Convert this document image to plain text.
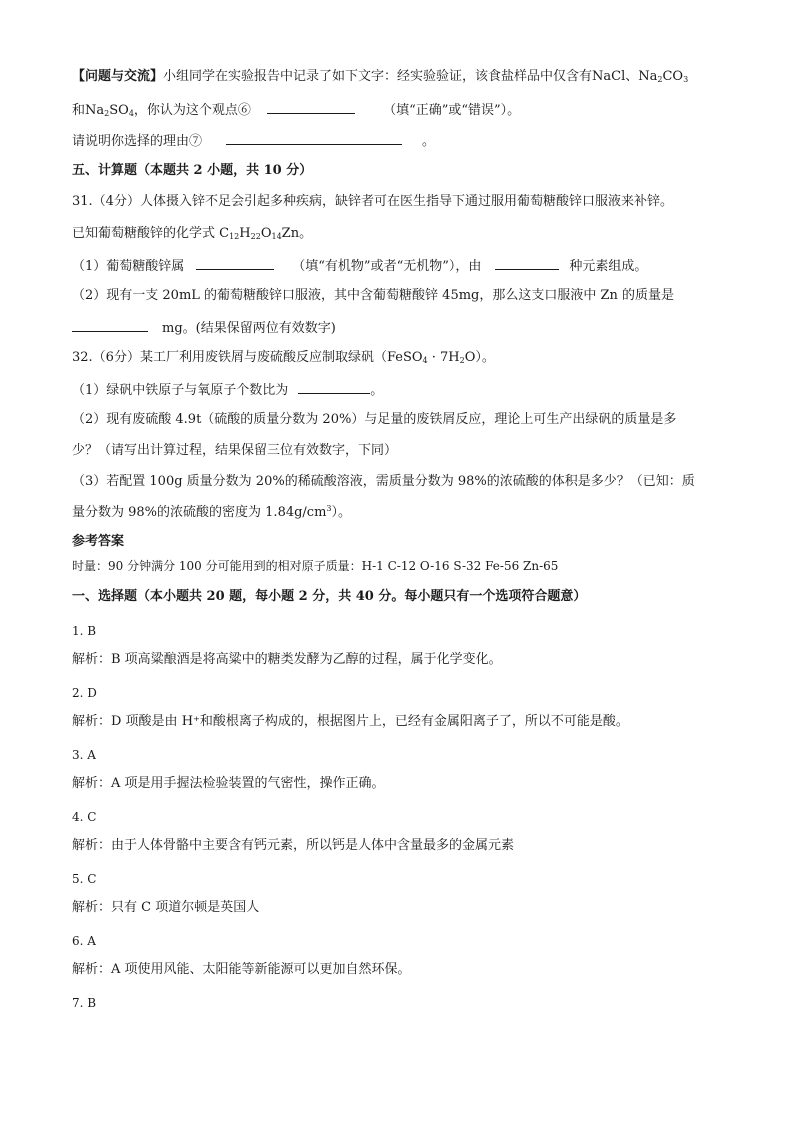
【问题与交流】小组同学在实验报告中记录了如下文字：经实验验证，该食盐样品中仅含有NaCl、$Na_2CO_3$
和$Na_2SO_4$，你认为这个观点⑥	（填“正确”或“错误”）。
请说明你选择的理由⑦	。
五、计算题（本题共 2 小题，共 10 分）
31.（4分）人体摄入锌不足会引起多种疾病，缺锌者可在医生指导下通过服用葡萄糖酸锌口服液来补锌。
已知葡萄糖酸锌的化学式 $C_{12}H_{22}O_{14}Zn$。
（1）葡萄糖酸锌属	（填“有机物”或者“无机物”），由	种元素组成。
（2）现有一支 20mL 的葡萄糖酸锌口服液，其中含葡萄糖酸锌 45mg，那么这支口服液中 Zn 的质量是
mg。(结果保留两位有效数字)
32.（6分）某工厂利用废铁屑与废硫酸反应制取绿矾（FeSO$_4$ · $7H_2O$）。
（1）绿矾中铁原子与氧原子个数比为	。
（2）现有废硫酸 4.9t（硫酸的质量分数为 20%）与足量的废铁屑反应，理论上可生产出绿矾的质量是多
少？（请写出计算过程，结果保留三位有效数字，下同）
（3）若配置 100g 质量分数为 20%的稀硫酸溶液，需质量分数为 98%的浓硫酸的体积是多少？（已知：质
量分数为 98%的浓硫酸的密度为 $1.84g/cm^3$）。
参考答案
时量：90 分钟满分 100 分可能用到的相对原子质量：H-1 C-12 O-16 S-32 Fe-56 Zn-65
一、选择题（本小题共 20 题，每小题 2 分，共 40 分。每小题只有一个选项符合题意）
1. B
解析：B 项高粱酿酒是将高粱中的糖类发酵为乙醇的过程，属于化学变化。
2. D
解析：D 项酸是由 H⁺和酸根离子构成的，根据图片上，已经有金属阳离子了，所以不可能是酸。
3. A
解析：A 项是用手握法检验装置的气密性，操作正确。
4. C
解析：由于人体骨骼中主要含有钙元素，所以钙是人体中含量最多的金属元素
5. C
解析：只有 C 项道尔顿是英国人
6. A
解析：A 项使用风能、太阳能等新能源可以更加自然环保。
7. B
